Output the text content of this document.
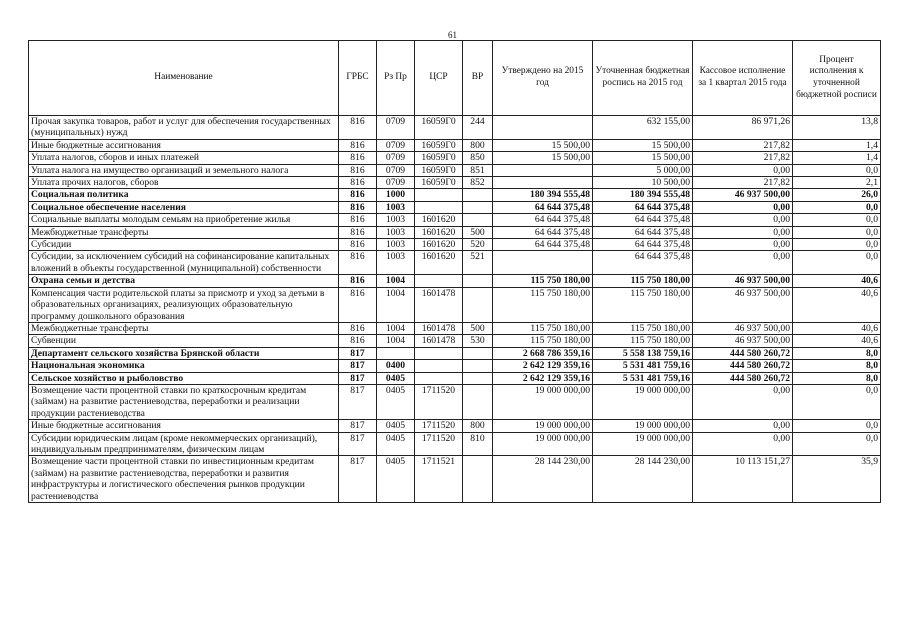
61
Наименование	ГРБС	Рз Пр	ЦСР	ВР	Утверждено на 2015 год	Уточненная бюджетная роспись на 2015 год	Кассовое исполнение за 1 квартал 2015 года	Процент исполнения к уточненной бюджетной росписи
Прочая закупка товаров, работ и услуг для обеспечения государственных (муниципальных) нужд	816	0709	16059Г0	244		632 155,00	86 971,26	13,8
Иные бюджетные ассигнования	816	0709	16059Г0	800	15 500,00	15 500,00	217,82	1,4
Уплата налогов, сборов и иных платежей	816	0709	16059Г0	850	15 500,00	15 500,00	217,82	1,4
Уплата налога на имущество организаций и земельного налога	816	0709	16059Г0	851		5 000,00	0,00	0,0
Уплата прочих налогов, сборов	816	0709	16059Г0	852		10 500,00	217,82	2,1
Социальная политика	816	1000			180 394 555,48	180 394 555,48	46 937 500,00	26,0
Социальное обеспечение населения	816	1003			64 644 375,48	64 644 375,48	0,00	0,0
Социальные выплаты молодым семьям на приобретение жилья	816	1003	1601620		64 644 375,48	64 644 375,48	0,00	0,0
Межбюджетные трансферты	816	1003	1601620	500	64 644 375,48	64 644 375,48	0,00	0,0
Субсидии	816	1003	1601620	520	64 644 375,48	64 644 375,48	0,00	0,0
Субсидии, за исключением субсидий на софинансирование капитальных вложений в объекты государственной (муниципальной) собственности	816	1003	1601620	521		64 644 375,48	0,00	0,0
Охрана семьи и детства	816	1004			115 750 180,00	115 750 180,00	46 937 500,00	40,6
Компенсация части родительской платы за присмотр и уход за детьми в образовательных организациях, реализующих образовательную программу дошкольного образования	816	1004	1601478		115 750 180,00	115 750 180,00	46 937 500,00	40,6
Межбюджетные трансферты	816	1004	1601478	500	115 750 180,00	115 750 180,00	46 937 500,00	40,6
Субвенции	816	1004	1601478	530	115 750 180,00	115 750 180,00	46 937 500,00	40,6
Департамент сельского хозяйства Брянской области	817				2 668 786 359,16	5 558 138 759,16	444 580 260,72	8,0
Национальная экономика	817	0400			2 642 129 359,16	5 531 481 759,16	444 580 260,72	8,0
Сельское хозяйство и рыболовство	817	0405			2 642 129 359,16	5 531 481 759,16	444 580 260,72	8,0
Возмещение части процентной ставки по краткосрочным кредитам (займам) на развитие растениеводства, переработки и реализации продукции растениеводства	817	0405	1711520		19 000 000,00	19 000 000,00	0,00	0,0
Иные бюджетные ассигнования	817	0405	1711520	800	19 000 000,00	19 000 000,00	0,00	0,0
Субсидии юридическим лицам (кроме некоммерческих организаций), индивидуальным предпринимателям, физическим лицам	817	0405	1711520	810	19 000 000,00	19 000 000,00	0,00	0,0
Возмещение части процентной ставки по инвестиционным кредитам (займам) на развитие растениеводства, переработки и развития инфраструктуры и логистического обеспечения рынков продукции растениеводства	817	0405	1711521		28 144 230,00	28 144 230,00	10 113 151,27	35,9
